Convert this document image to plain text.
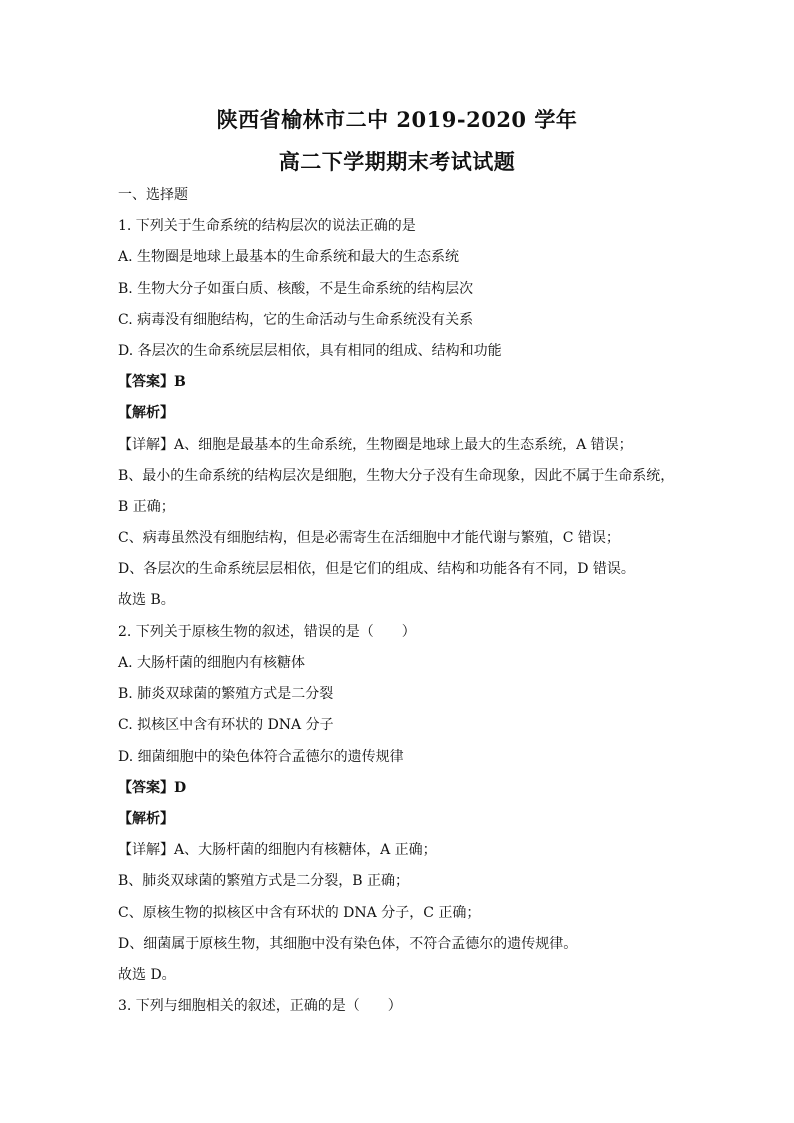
陕西省榆林市二中 2019-2020 学年
高二下学期期末考试试题
一、选择题
1. 下列关于生命系统的结构层次的说法正确的是
A. 生物圈是地球上最基本的生命系统和最大的生态系统
B. 生物大分子如蛋白质、核酸，不是生命系统的结构层次
C. 病毒没有细胞结构，它的生命活动与生命系统没有关系
D. 各层次的生命系统层层相依，具有相同的组成、结构和功能
【答案】B
【解析】
【详解】A、细胞是最基本的生命系统，生物圈是地球上最大的生态系统，A 错误；
B、最小的生命系统的结构层次是细胞，生物大分子没有生命现象，因此不属于生命系统，
B 正确；
C、病毒虽然没有细胞结构，但是必需寄生在活细胞中才能代谢与繁殖，C 错误；
D、各层次的生命系统层层相依，但是它们的组成、结构和功能各有不同，D 错误。
故选 B。
2. 下列关于原核生物的叙述，错误的是（　　）
A. 大肠杆菌的细胞内有核糖体
B. 肺炎双球菌的繁殖方式是二分裂
C. 拟核区中含有环状的 DNA 分子
D. 细菌细胞中的染色体符合孟德尔的遗传规律
【答案】D
【解析】
【详解】A、大肠杆菌的细胞内有核糖体，A 正确；
B、肺炎双球菌的繁殖方式是二分裂，B 正确；
C、原核生物的拟核区中含有环状的 DNA 分子，C 正确；
D、细菌属于原核生物，其细胞中没有染色体，不符合孟德尔的遗传规律。
故选 D。
3. 下列与细胞相关的叙述，正确的是（　　）
